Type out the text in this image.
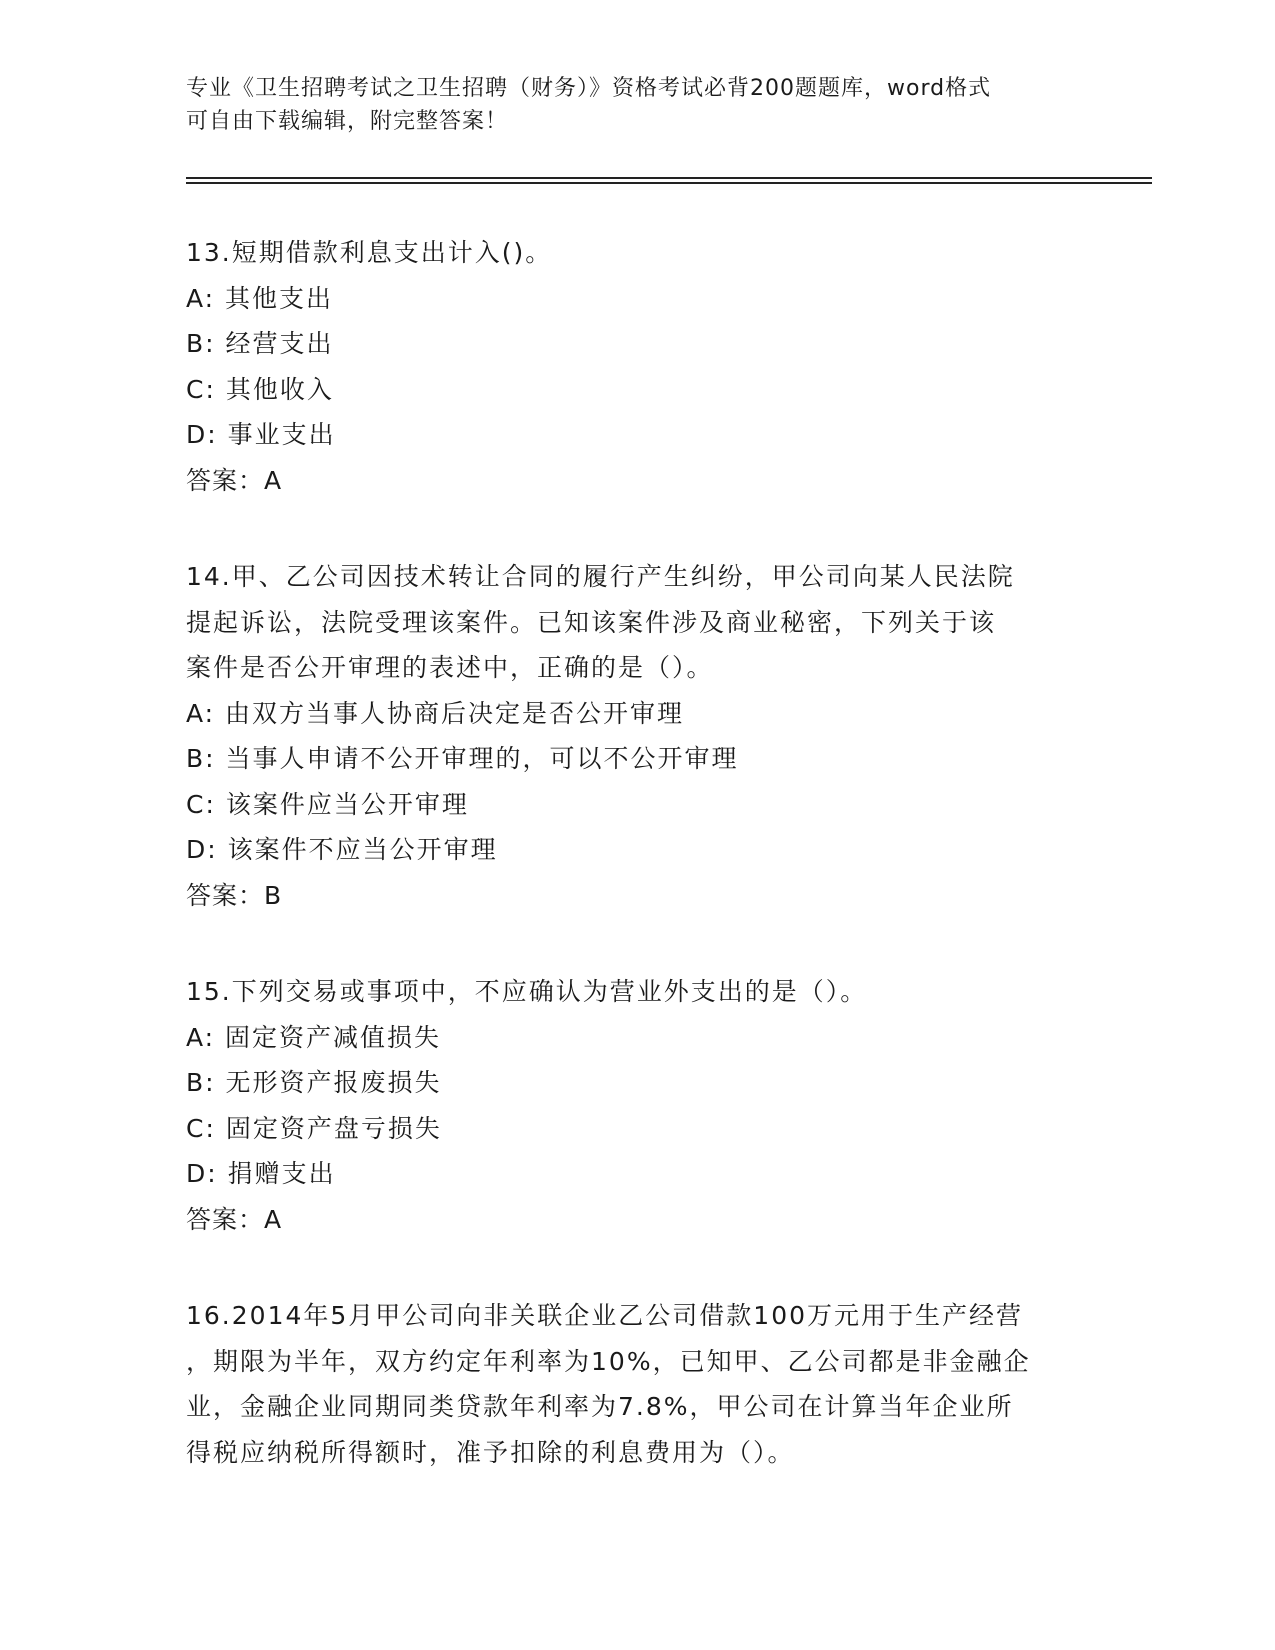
专业《卫生招聘考试之卫生招聘（财务）》资格考试必背200题题库，word格式
可自由下载编辑，附完整答案！
13.短期借款利息支出计入()。
A: 其他支出
B: 经营支出
C: 其他收入
D: 事业支出
答案：A
14.甲、乙公司因技术转让合同的履行产生纠纷，甲公司向某人民法院
提起诉讼，法院受理该案件。已知该案件涉及商业秘密，下列关于该
案件是否公开审理的表述中，正确的是（）。
A: 由双方当事人协商后决定是否公开审理
B: 当事人申请不公开审理的，可以不公开审理
C: 该案件应当公开审理
D: 该案件不应当公开审理
答案：B
15.下列交易或事项中，不应确认为营业外支出的是（）。
A: 固定资产减值损失
B: 无形资产报废损失
C: 固定资产盘亏损失
D: 捐赠支出
答案：A
16.2014年5月甲公司向非关联企业乙公司借款100万元用于生产经营
，期限为半年，双方约定年利率为10%，已知甲、乙公司都是非金融企
业，金融企业同期同类贷款年利率为7.8%，甲公司在计算当年企业所
得税应纳税所得额时，准予扣除的利息费用为（）。
